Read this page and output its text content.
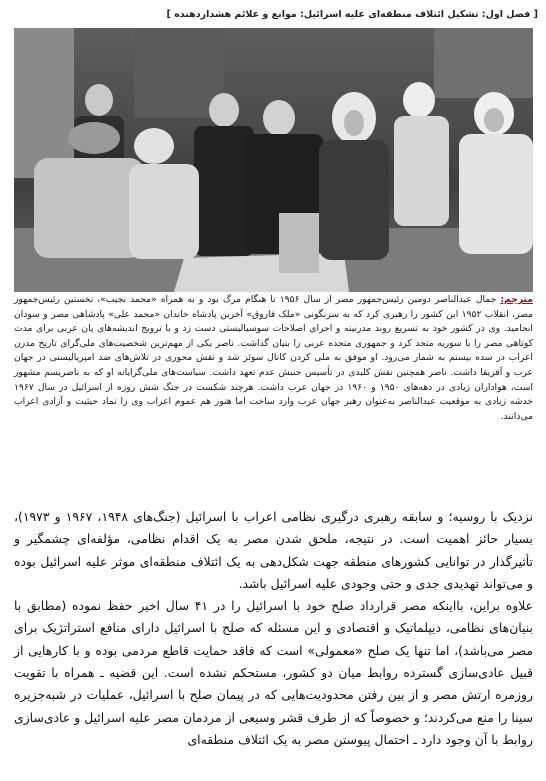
[ فصل اول: تشکیل ائتلاف منطقه‌ای علیه اسرائیل: موانع و علائم هشداردهنده ]
مترجم: جمال عبدالناصر دومین رئیس‌جمهور مصر از سال ۱۹۵۶ تا هنگام مرگ بود و به همراه «محمد نجیب»، نخستین رئیس‌جمهور مصر، انقلاب ۱۹۵۲ این کشور را رهبری کرد که به سرنگونی «ملک فاروق» آخرین پادشاه خاندان «محمد علی» پادشاهی مصر و سودان انجامید. وی در کشور خود به تسریع روند مدرنیته و اجرای اصلاحات سوسیالیستی دست زد و با ترویج اندیشه‌های پان عربی برای مدت کوتاهی مصر را با سوریه متحد کرد و جمهوری متحده عربی را بنیان گذاشت. ناصر یکی از مهم‌ترین شخصیت‌های ملی‌گرای تاریخ مدرن اعراب در سده بیستم به شمار می‌رود. او موفق به ملی کردن کانال سوئز شد و نقش محوری در تلاش‌های ضد امپریالیستی در جهان عرب و آفریقا داشت. ناصر همچنین نقش کلیدی در تأسیس جنبش عدم تعهد داشت. سیاست‌های ملی‌گرایانه او که به ناصریسم مشهور است، هواداران زیادی در دهه‌های ۱۹۵۰ و ۱۹۶۰ در جهان عرب داشت. هرچند شکست در جنگ شش روزه از اسرائیل در سال ۱۹۶۷ خدشه زیادی به موقعیت عبدالناصر به‌عنوان رهبر جهان عرب وارد ساخت اما هنوز هم عموم اعراب وی را نماد حیثیت و آزادی اعراب می‌دانند.

نزدیک با روسیه؛ و سابقه رهبری درگیری نظامی اعراب با اسرائیل (جنگ‌های ۱۹۴۸، ۱۹۶۷ و ۱۹۷۳)، بسیار حائز اهمیت است. در نتیجه، ملحق شدن مصر به یک اقدام نظامی، مؤلفه‌ای چشمگیر و تأثیرگذار در توانایی کشورهای منطقه جهت شکل‌دهی به یک ائتلاف منطقه‌ای موثر علیه اسرائیل بوده و می‌تواند تهدیدی جدی و حتی وجودی علیه اسرائیل باشد.

علاوه براین، بااینکه مصر قرارداد صلح خود با اسرائیل را در ۴۱ سال اخیر حفظ نموده (مطابق با بنیان‌های نظامی، دیپلماتیک و اقتصادی و این مسئله که صلح با اسرائیل دارای منافع استراتژیک برای مصر می‌باشد)، اما تنها یک صلح «معمولی» است که فاقد حمایت قاطع مردمی بوده و با کارهایی از قبیل عادی‌سازی گسترده روابط میان دو کشور، مستحکم نشده است. این قضیه ـ همراه با تقویت روزمره ارتش مصر و از بین رفتن محدودیت‌هایی که در پیمان صلح با اسرائیل، عملیات در شبه‌جزیره سینا را منع می‌کردند؛ و خصوصاً که از طرف قشر وسیعی از مردمان مصر علیه اسرائیل و عادی‌سازی روابط با آن وجود دارد ـ احتمال پیوستن مصر به یک ائتلاف منطقه‌ای
